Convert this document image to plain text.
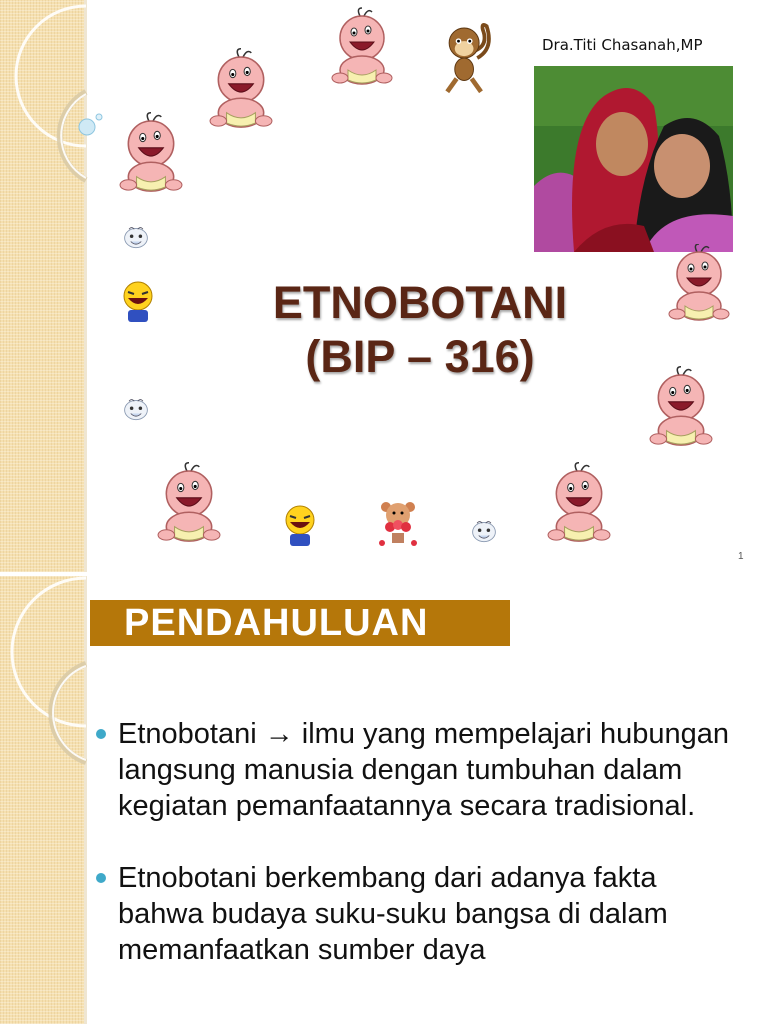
Dra.Titi Chasanah,MP
ETNOBOTANI
(BIP – 316)
1
PENDAHULUAN
Etnobotani → ilmu yang mempelajari hubungan langsung manusia dengan tumbuhan dalam kegiatan pemanfaatannya secara tradisional.
Etnobotani berkembang dari adanya fakta bahwa budaya suku-suku bangsa di dalam memanfaatkan sumber daya
